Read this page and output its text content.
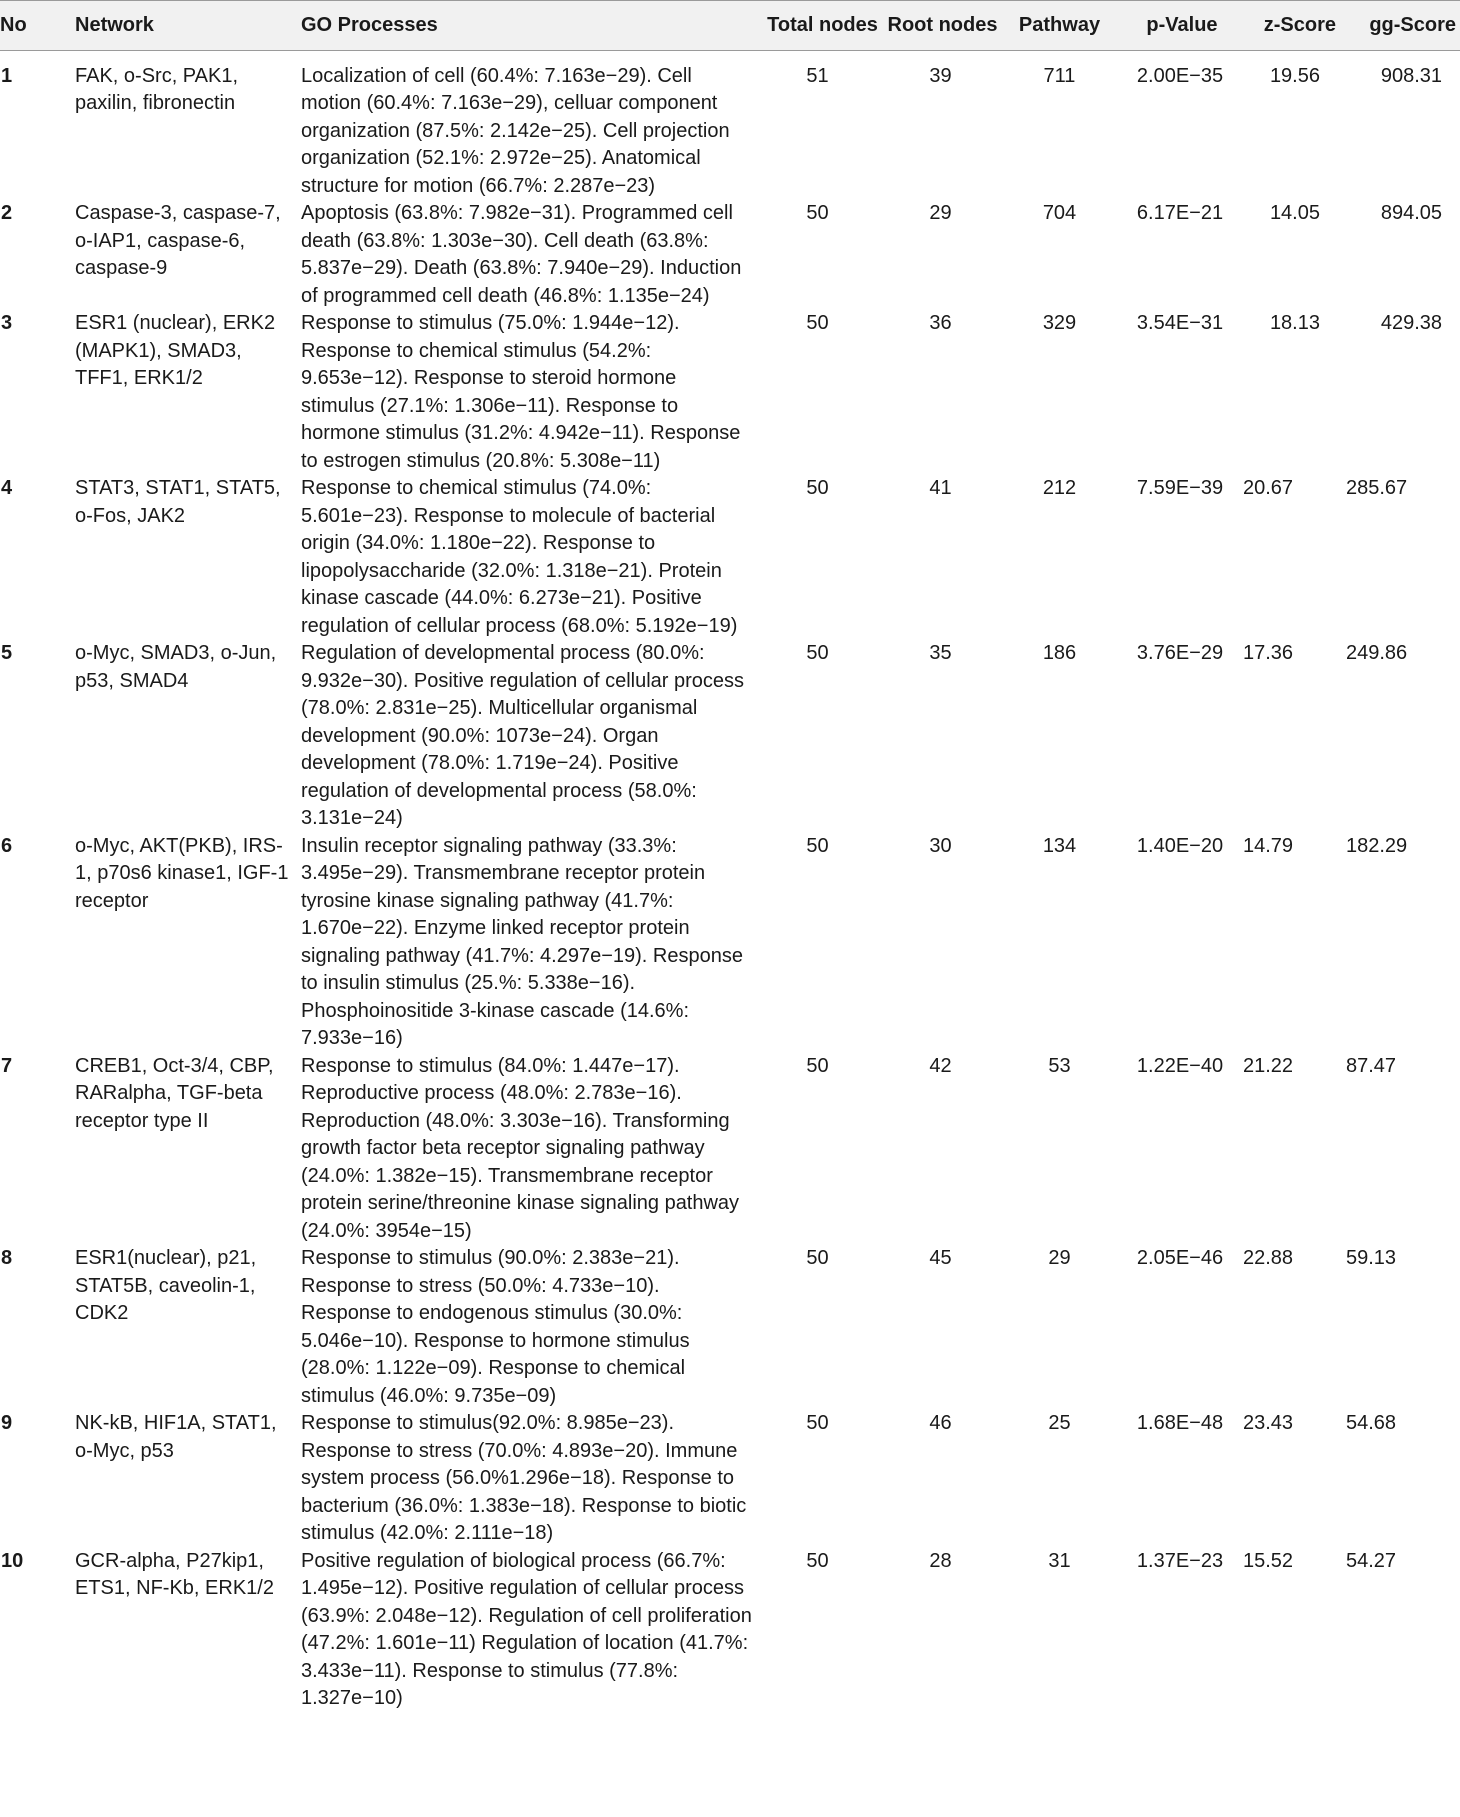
No	Network	GO Processes	Total nodes	Root nodes	Pathway	p-Value	z-Score	gg-Score
1	FAK, o-Src, PAK1, paxilin, fibronectin	Localization of cell (60.4%: 7.163e−29). Cell motion (60.4%: 7.163e−29), celluar component organization (87.5%: 2.142e−25). Cell projection organization (52.1%: 2.972e−25). Anatomical structure for motion (66.7%: 2.287e−23)	51	39	711	2.00E−35	19.56	908.31
2	Caspase-3, caspase-7, o-IAP1, caspase-6, caspase-9	Apoptosis (63.8%: 7.982e−31). Programmed cell death (63.8%: 1.303e−30). Cell death (63.8%: 5.837e−29). Death (63.8%: 7.940e−29). Induction of programmed cell death (46.8%: 1.135e−24)	50	29	704	6.17E−21	14.05	894.05
3	ESR1 (nuclear), ERK2 (MAPK1), SMAD3, TFF1, ERK1/2	Response to stimulus (75.0%: 1.944e−12). Response to chemical stimulus (54.2%: 9.653e−12). Response to steroid hormone stimulus (27.1%: 1.306e−11). Response to hormone stimulus (31.2%: 4.942e−11). Response to estrogen stimulus (20.8%: 5.308e−11)	50	36	329	3.54E−31	18.13	429.38
4	STAT3, STAT1, STAT5, o-Fos, JAK2	Response to chemical stimulus (74.0%: 5.601e−23). Response to molecule of bacterial origin (34.0%: 1.180e−22). Response to lipopolysaccharide (32.0%: 1.318e−21). Protein kinase cascade (44.0%: 6.273e−21). Positive regulation of cellular process (68.0%: 5.192e−19)	50	41	212	7.59E−39	20.67	285.67
5	o-Myc, SMAD3, o-Jun, p53, SMAD4	Regulation of developmental process (80.0%: 9.932e−30). Positive regulation of cellular process (78.0%: 2.831e−25). Multicellular organismal development (90.0%: 1073e−24). Organ development (78.0%: 1.719e−24). Positive regulation of developmental process (58.0%: 3.131e−24)	50	35	186	3.76E−29	17.36	249.86
6	o-Myc, AKT(PKB), IRS-1, p70s6 kinase1, IGF-1 receptor	Insulin receptor signaling pathway (33.3%: 3.495e−29). Transmembrane receptor protein tyrosine kinase signaling pathway (41.7%: 1.670e−22). Enzyme linked receptor protein signaling pathway (41.7%: 4.297e−19). Response to insulin stimulus (25.%: 5.338e−16). Phosphoinositide 3-kinase cascade (14.6%: 7.933e−16)	50	30	134	1.40E−20	14.79	182.29
7	CREB1, Oct-3/4, CBP, RARalpha, TGF-beta receptor type II	Response to stimulus (84.0%: 1.447e−17). Reproductive process (48.0%: 2.783e−16). Reproduction (48.0%: 3.303e−16). Transforming growth factor beta receptor signaling pathway (24.0%: 1.382e−15). Transmembrane receptor protein serine/threonine kinase signaling pathway (24.0%: 3954e−15)	50	42	53	1.22E−40	21.22	87.47
8	ESR1(nuclear), p21, STAT5B, caveolin-1, CDK2	Response to stimulus (90.0%: 2.383e−21). Response to stress (50.0%: 4.733e−10). Response to endogenous stimulus (30.0%: 5.046e−10). Response to hormone stimulus (28.0%: 1.122e−09). Response to chemical stimulus (46.0%: 9.735e−09)	50	45	29	2.05E−46	22.88	59.13
9	NK-kB, HIF1A, STAT1, o-Myc, p53	Response to stimulus(92.0%: 8.985e−23). Response to stress (70.0%: 4.893e−20). Immune system process (56.0%1.296e−18). Response to bacterium (36.0%: 1.383e−18). Response to biotic stimulus (42.0%: 2.111e−18)	50	46	25	1.68E−48	23.43	54.68
10	GCR-alpha, P27kip1, ETS1, NF-Kb, ERK1/2	Positive regulation of biological process (66.7%: 1.495e−12). Positive regulation of cellular process (63.9%: 2.048e−12). Regulation of cell proliferation (47.2%: 1.601e−11) Regulation of location (41.7%: 3.433e−11). Response to stimulus (77.8%: 1.327e−10)	50	28	31	1.37E−23	15.52	54.27
